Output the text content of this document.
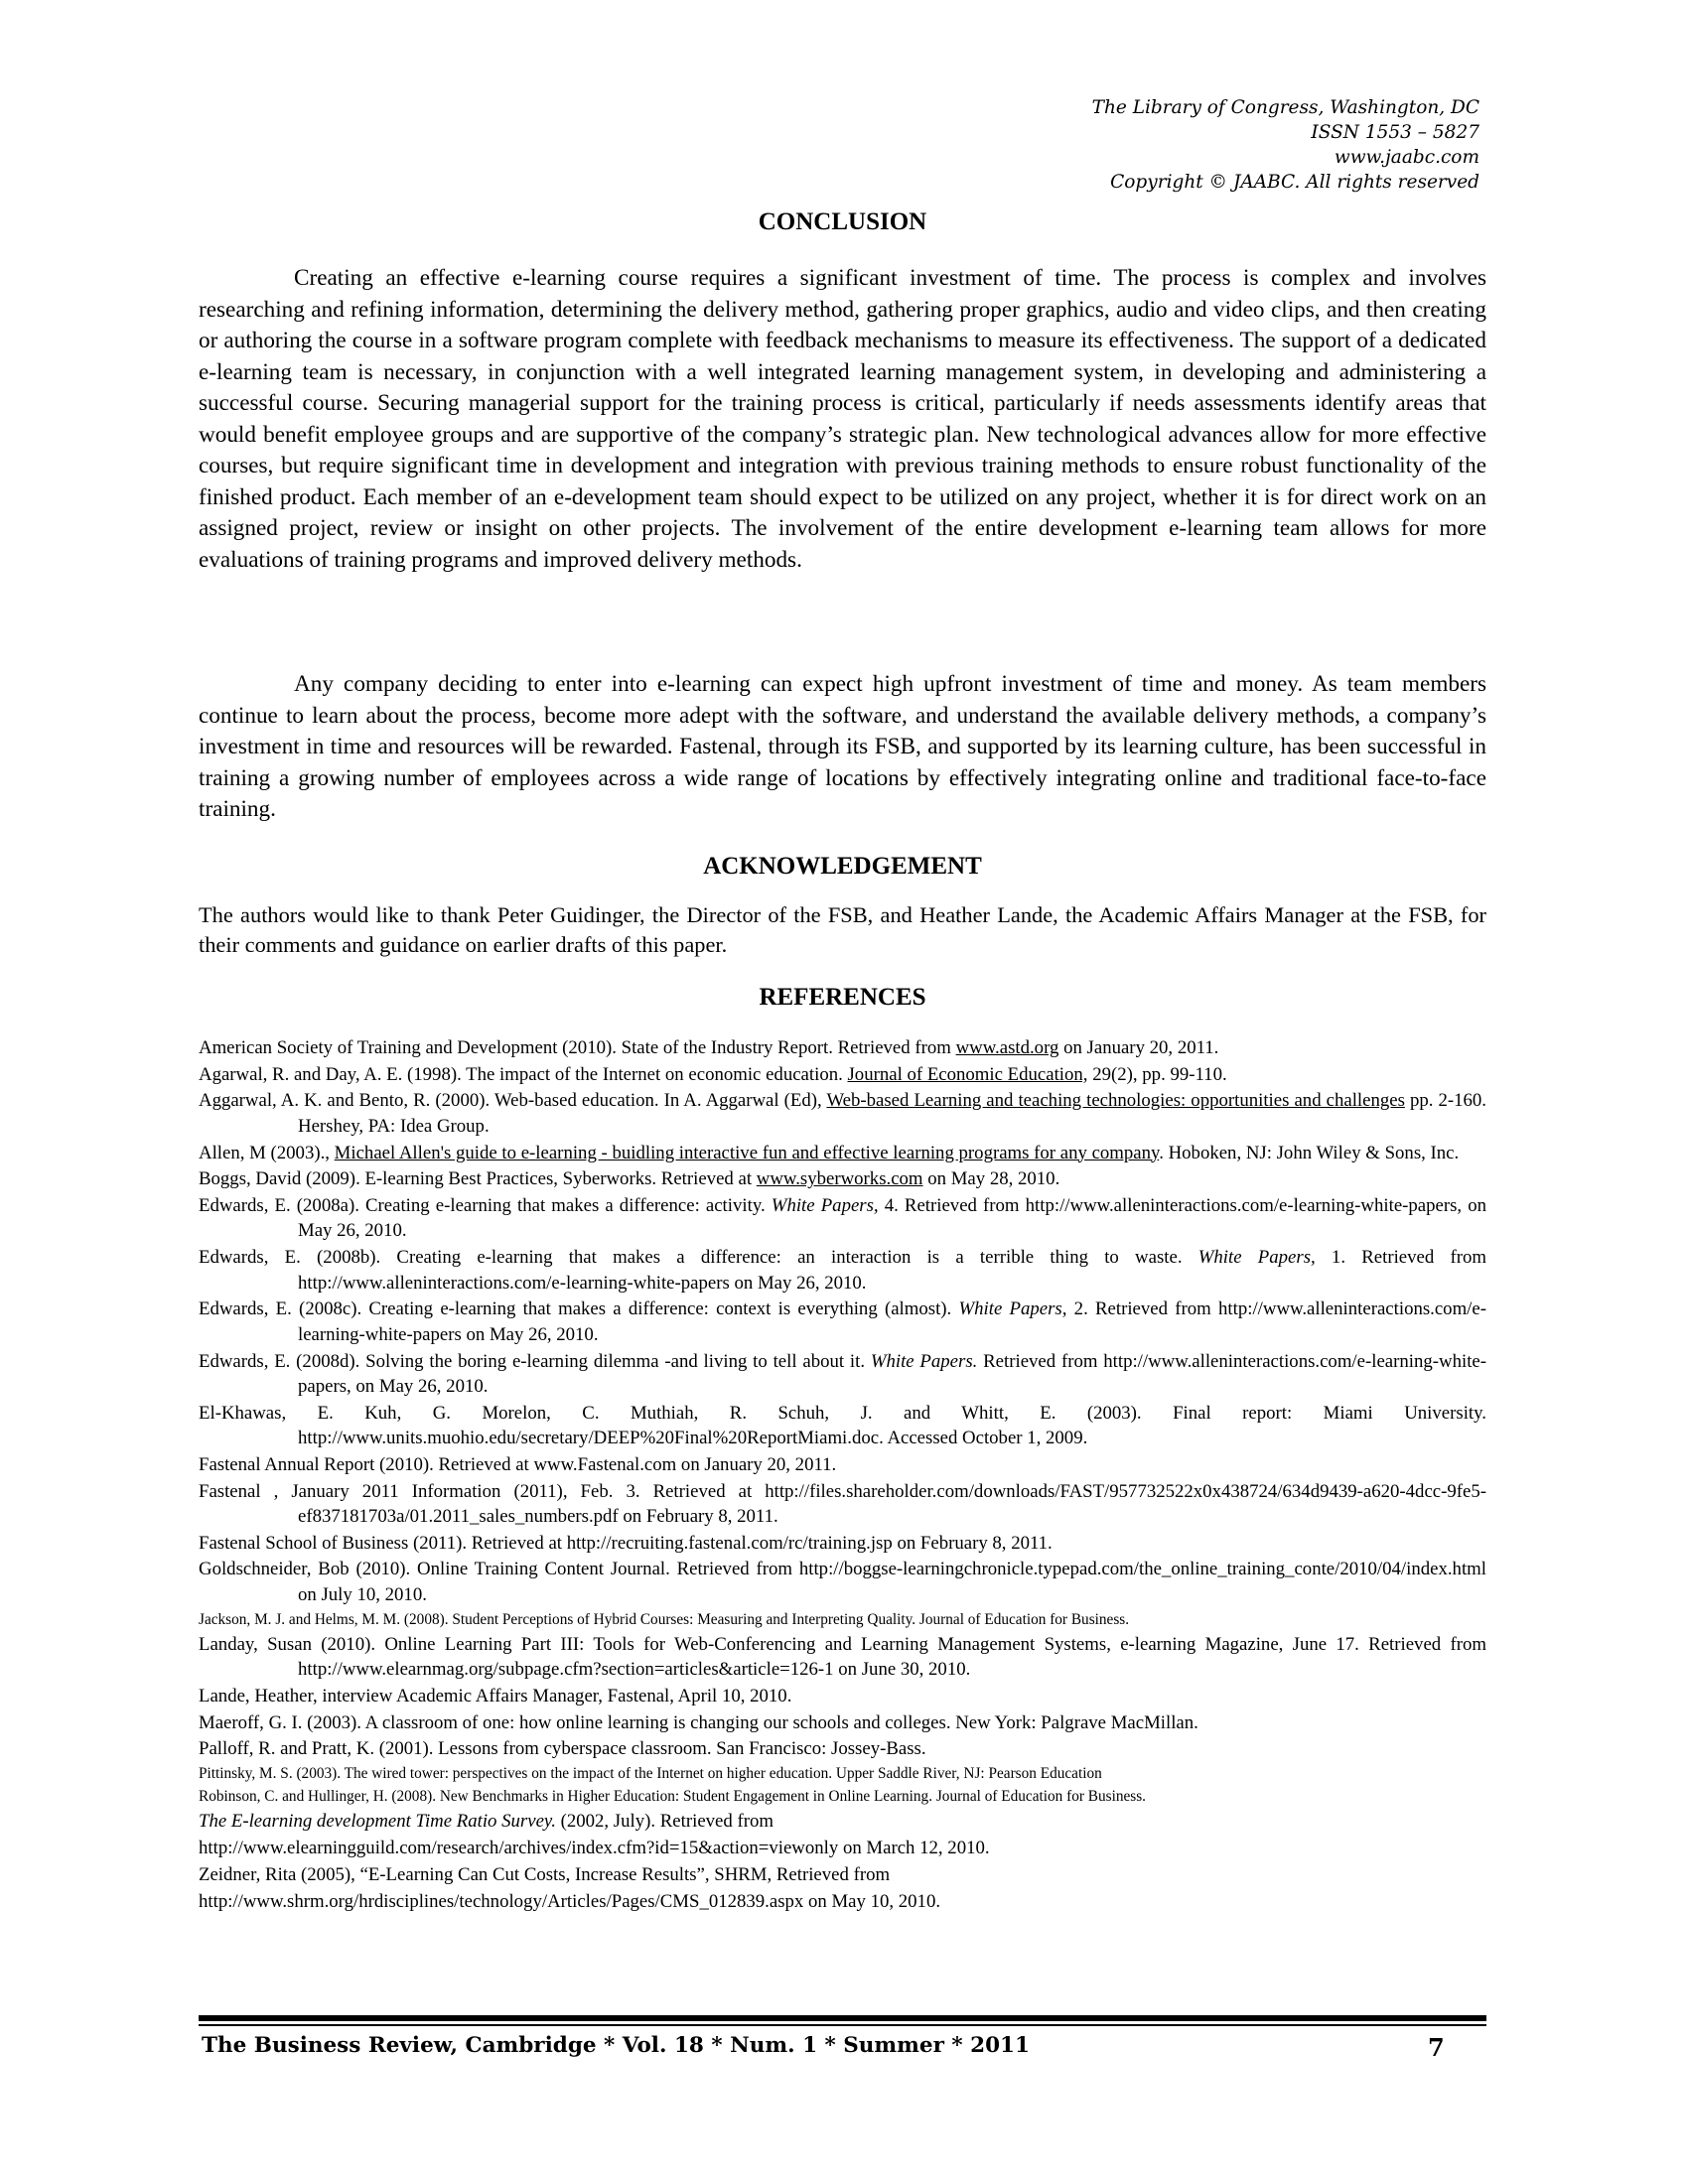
The Library of Congress, Washington, DC
ISSN 1553 – 5827
www.jaabc.com
Copyright © JAABC. All rights reserved
CONCLUSION

Creating an effective e-learning course requires a significant investment of time. The process is complex and involves researching and refining information, determining the delivery method, gathering proper graphics, audio and video clips, and then creating or authoring the course in a software program complete with feedback mechanisms to measure its effectiveness. The support of a dedicated e-learning team is necessary, in conjunction with a well integrated learning management system, in developing and administering a successful course. Securing managerial support for the training process is critical, particularly if needs assessments identify areas that would benefit employee groups and are supportive of the company’s strategic plan. New technological advances allow for more effective courses, but require significant time in development and integration with previous training methods to ensure robust functionality of the finished product. Each member of an e-development team should expect to be utilized on any project, whether it is for direct work on an assigned project, review or insight on other projects. The involvement of the entire development e-learning team allows for more evaluations of training programs and improved delivery methods.

Any company deciding to enter into e-learning can expect high upfront investment of time and money. As team members continue to learn about the process, become more adept with the software, and understand the available delivery methods, a company’s investment in time and resources will be rewarded. Fastenal, through its FSB, and supported by its learning culture, has been successful in training a growing number of employees across a wide range of locations by effectively integrating online and traditional face-to-face training.

ACKNOWLEDGEMENT

The authors would like to thank Peter Guidinger, the Director of the FSB, and Heather Lande, the Academic Affairs Manager at the FSB, for their comments and guidance on earlier drafts of this paper.

REFERENCES

American Society of Training and Development (2010). State of the Industry Report. Retrieved from www.astd.org on January 20, 2011.

Agarwal, R. and Day, A. E. (1998). The impact of the Internet on economic education. Journal of Economic Education, 29(2), pp. 99-110.

Aggarwal, A. K. and Bento, R. (2000). Web-based education. In A. Aggarwal (Ed), Web-based Learning and teaching technologies: opportunities and challenges pp. 2-160. Hershey, PA: Idea Group.

Allen, M (2003)., Michael Allen's guide to e-learning - buidling interactive fun and effective learning programs for any company. Hoboken, NJ: John Wiley & Sons, Inc.

Boggs, David (2009). E-learning Best Practices, Syberworks. Retrieved at www.syberworks.com on May 28, 2010.

Edwards, E. (2008a). Creating e-learning that makes a difference: activity. White Papers, 4. Retrieved from http://www.alleninteractions.com/e-learning-white-papers, on May 26, 2010.

Edwards, E. (2008b). Creating e-learning that makes a difference: an interaction is a terrible thing to waste. White Papers, 1. Retrieved from http://www.alleninteractions.com/e-learning-white-papers on May 26, 2010.

Edwards, E. (2008c). Creating e-learning that makes a difference: context is everything (almost). White Papers, 2. Retrieved from http://www.alleninteractions.com/e-learning-white-papers on May 26, 2010.

Edwards, E. (2008d). Solving the boring e-learning dilemma -and living to tell about it. White Papers. Retrieved from http://www.alleninteractions.com/e-learning-white-papers, on May 26, 2010.

El-Khawas, E. Kuh, G. Morelon, C. Muthiah, R. Schuh, J. and Whitt, E. (2003). Final report: Miami University. http://www.units.muohio.edu/secretary/DEEP%20Final%20ReportMiami.doc. Accessed October 1, 2009.

Fastenal Annual Report (2010). Retrieved at www.Fastenal.com on January 20, 2011.

Fastenal , January 2011 Information (2011), Feb. 3. Retrieved at http://files.shareholder.com/downloads/FAST/957732522x0x438724/634d9439-a620-4dcc-9fe5-ef837181703a/01.2011_sales_numbers.pdf on February 8, 2011.

Fastenal School of Business (2011). Retrieved at http://recruiting.fastenal.com/rc/training.jsp on February 8, 2011.

Goldschneider, Bob (2010). Online Training Content Journal. Retrieved from http://boggse-learningchronicle.typepad.com/the_online_training_conte/2010/04/index.html on July 10, 2010.

Jackson, M. J. and Helms, M. M. (2008). Student Perceptions of Hybrid Courses: Measuring and Interpreting Quality. Journal of Education for Business.

Landay, Susan (2010). Online Learning Part III: Tools for Web-Conferencing and Learning Management Systems, e-learning Magazine, June 17. Retrieved from http://www.elearnmag.org/subpage.cfm?section=articles&article=126-1 on June 30, 2010.

Lande, Heather, interview Academic Affairs Manager, Fastenal, April 10, 2010.

Maeroff, G. I. (2003). A classroom of one: how online learning is changing our schools and colleges. New York: Palgrave MacMillan.

Palloff, R. and Pratt, K. (2001). Lessons from cyberspace classroom. San Francisco: Jossey-Bass.

Pittinsky, M. S. (2003). The wired tower: perspectives on the impact of the Internet on higher education. Upper Saddle River, NJ: Pearson Education

Robinson, C. and Hullinger, H. (2008). New Benchmarks in Higher Education: Student Engagement in Online Learning. Journal of Education for Business.

The E-learning development Time Ratio Survey. (2002, July). Retrieved from

http://www.elearningguild.com/research/archives/index.cfm?id=15&action=viewonly on March 12, 2010.

Zeidner, Rita (2005), “E-Learning Can Cut Costs, Increase Results”, SHRM, Retrieved from

http://www.shrm.org/hrdisciplines/technology/Articles/Pages/CMS_012839.aspx on May 10, 2010.

The Business Review, Cambridge * Vol. 18 * Num. 1 * Summer * 2011	7
